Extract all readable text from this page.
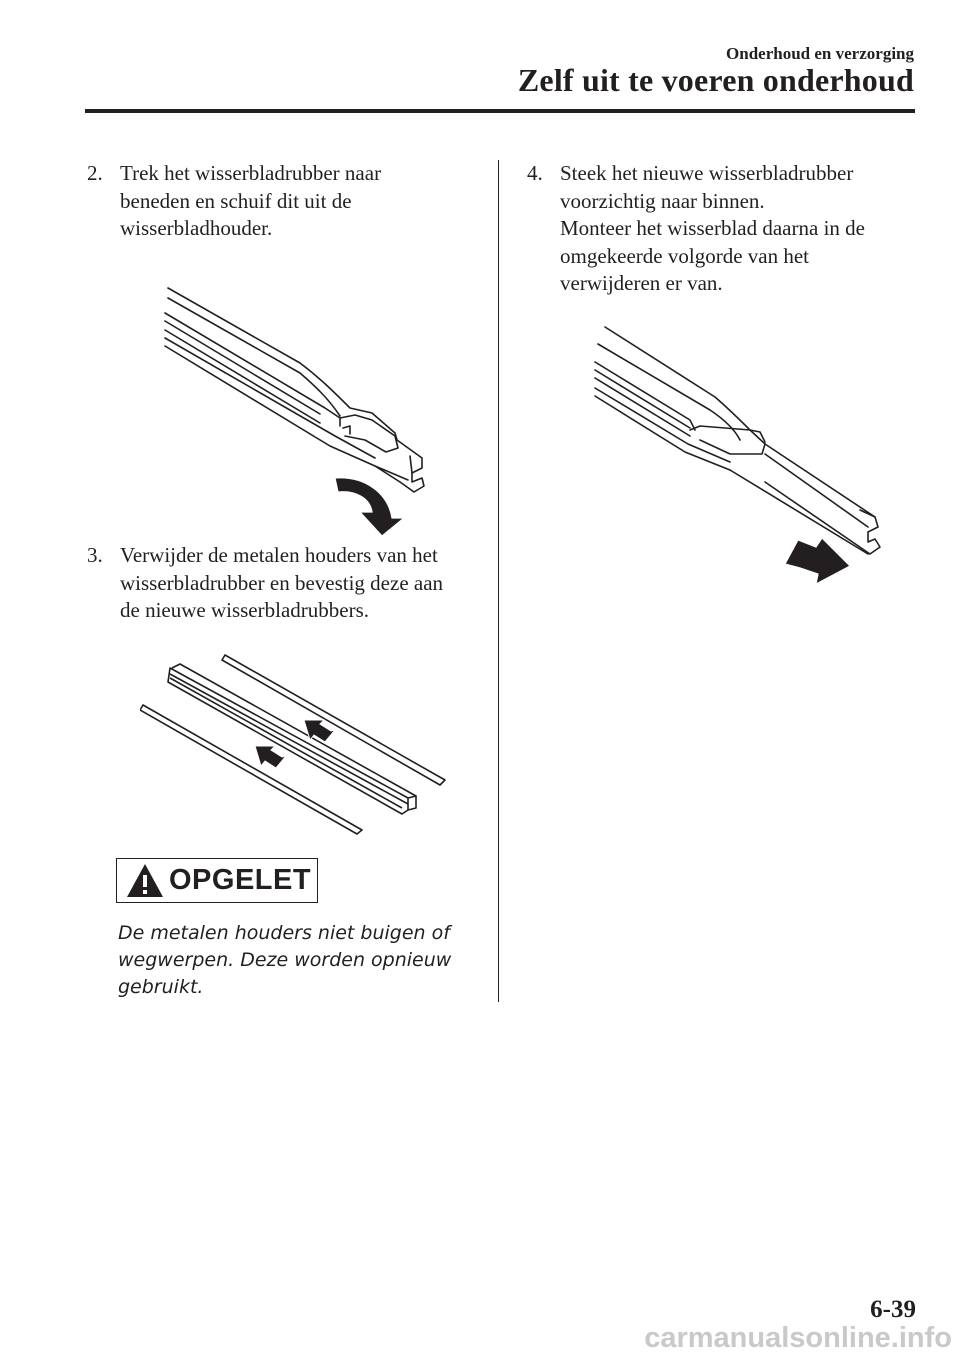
Onderhoud en verzorging
Zelf uit te voeren onderhoud
2. Trek het wisserbladrubber naar
beneden en schuif dit uit de
wisserbladhouder.
3. Verwijder de metalen houders van het
wisserbladrubber en bevestig deze aan
de nieuwe wisserbladrubbers.
OPGELET
De metalen houders niet buigen of
wegwerpen. Deze worden opnieuw
gebruikt.
4. Steek het nieuwe wisserbladrubber
voorzichtig naar binnen.
Monteer het wisserblad daarna in de
omgekeerde volgorde van het
verwijderen er van.
6-39
carmanualsonline.info
